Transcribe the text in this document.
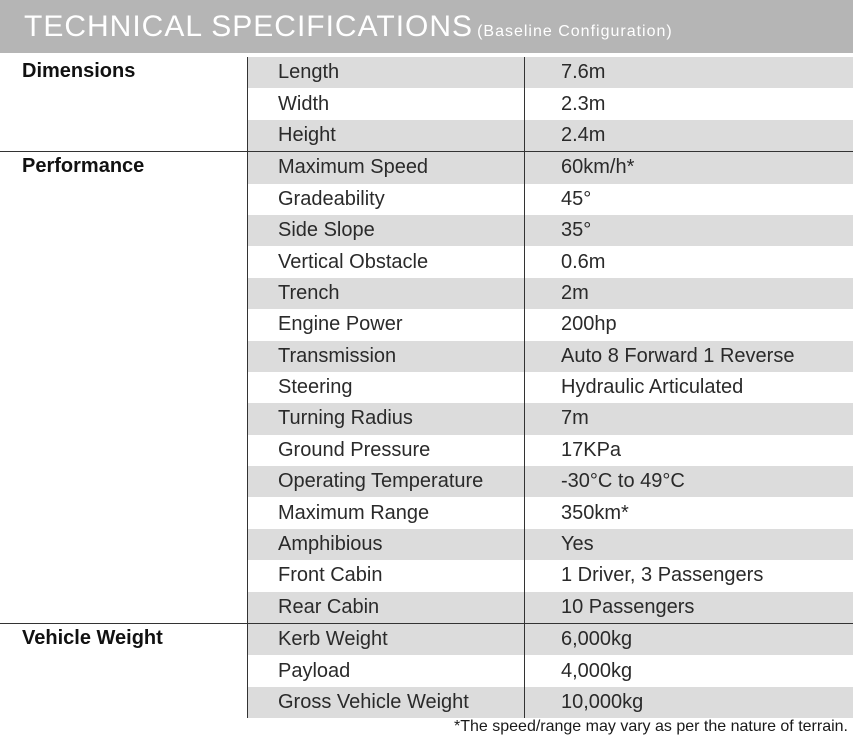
TECHNICAL SPECIFICATIONS (Baseline Configuration)
Dimensions	Length	7.6m
Width	2.3m
Height	2.4m
Performance	Maximum Speed	60km/h*
Gradeability	45°
Side Slope	35°
Vertical Obstacle	0.6m
Trench	2m
Engine Power	200hp
Transmission	Auto 8 Forward 1 Reverse
Steering	Hydraulic Articulated
Turning Radius	7m
Ground Pressure	17KPa
Operating Temperature	-30°C to 49°C
Maximum Range	350km*
Amphibious	Yes
Front Cabin	1 Driver, 3 Passengers
Rear Cabin	10 Passengers
Vehicle Weight	Kerb Weight	6,000kg
Payload	4,000kg
Gross Vehicle Weight	10,000kg
*The speed/range may vary as per the nature of terrain.
